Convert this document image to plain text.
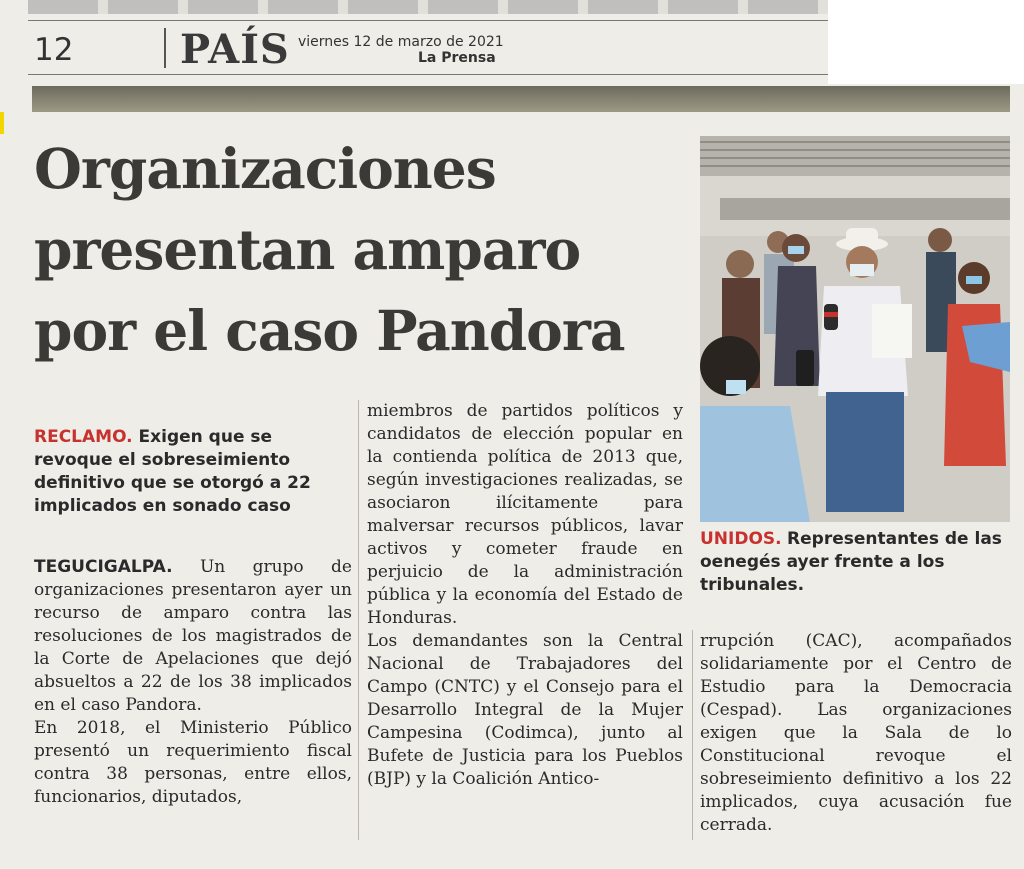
12	PAÍS viernes 12 de marzo de 2021
La Prensa
Organizaciones
presentan amparo
por el caso Pandora
UNIDOS. Representantes de las oenegés ayer frente a los tribunales.
RECLAMO. Exigen que se revoque el sobreseimiento definitivo que se otorgó a 22 implicados en sonado caso

TEGUCIGALPA. Un grupo de organizaciones presentaron ayer un recurso de amparo contra las resoluciones de los magistrados de la Corte de Apelaciones que dejó absueltos a 22 de los 38 implicados en el caso Pandora.

En 2018, el Ministerio Público presentó un requerimiento fiscal contra 38 personas, entre ellos, funcionarios, diputados,

miembros de partidos políticos y candidatos de elección popular en la contienda política de 2013 que, según investigaciones realizadas, se asociaron ilícitamente para malversar recursos públicos, lavar activos y cometer fraude en perjuicio de la administración pública y la economía del Estado de Honduras.

Los demandantes son la Central Nacional de Trabajadores del Campo (CNTC) y el Consejo para el Desarrollo Integral de la Mujer Campesina (Codimca), junto al Bufete de Justicia para los Pueblos (BJP) y la Coalición Antico-

rrupción (CAC), acompañados solidariamente por el Centro de Estudio para la Democracia (Cespad). Las organizaciones exigen que la Sala de lo Constitucional revoque el sobreseimiento definitivo a los 22 implicados, cuya acusación fue cerrada.
